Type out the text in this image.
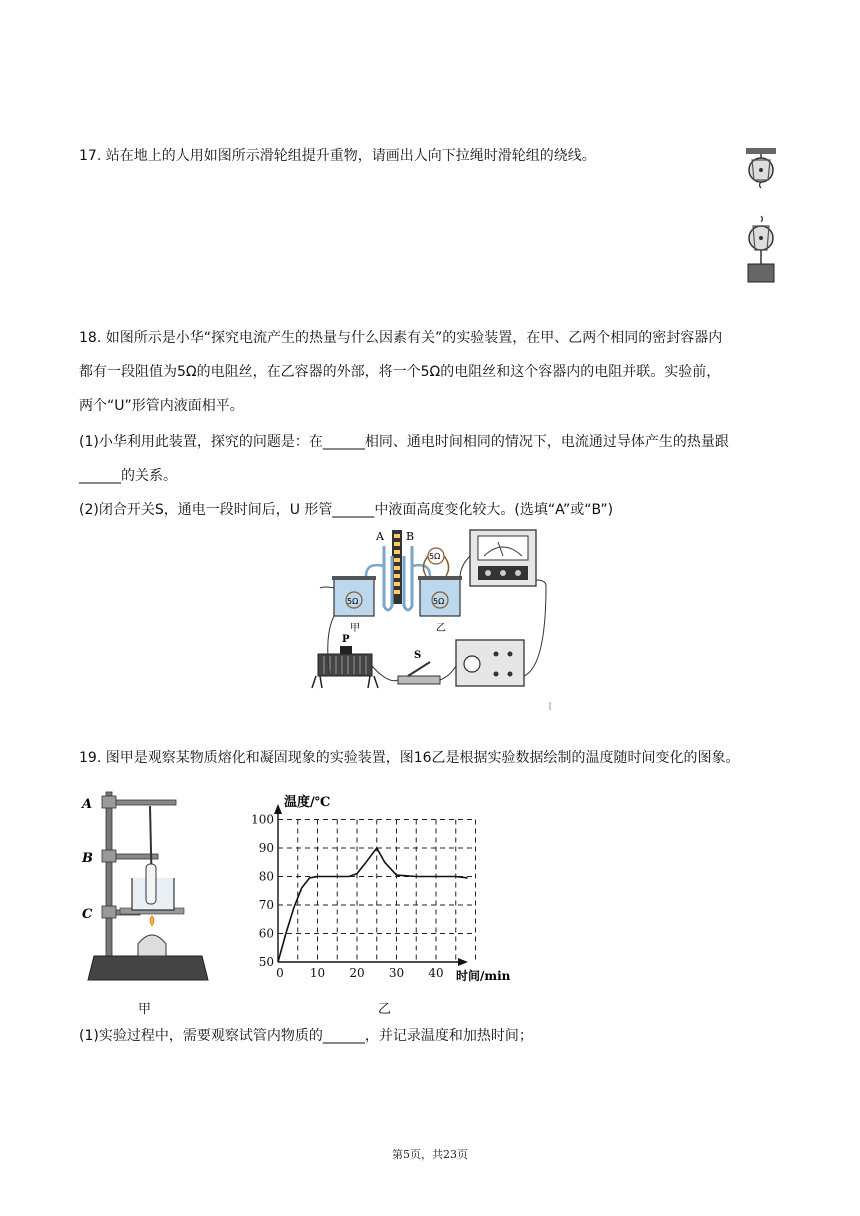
17. 站在地上的人用如图所示滑轮组提升重物，请画出人向下拉绳时滑轮组的绕线。
18. 如图所示是小华“探究电流产生的热量与什么因素有关”的实验装置，在甲、乙两个相同的密封容器内
都有一段阻值为5Ω的电阻丝，在乙容器的外部，将一个5Ω的电阻丝和这个容器内的电阻并联。实验前，
两个“U”形管内液面相平。
(1)小华利用此装置，探究的问题是：在______相同、通电时间相同的情况下，电流通过导体产生的热量跟
______的关系。
(2)闭合开关S，通电一段时间后，U 形管______中液面高度变化较大。(选填“A”或“B”)
A B
5Ω	5Ω
5Ω
甲	乙
P
S
19. 图甲是观察某物质熔化和凝固现象的实验装置，图16乙是根据实验数据绘制的温度随时间变化的图象。
A
B
C
甲
50
60
70
80
90
100
0 10 20 30 40
温度/℃
时间/min
乙
(1)实验过程中，需要观察试管内物质的______，并记录温度和加热时间；
第5页，共23页
